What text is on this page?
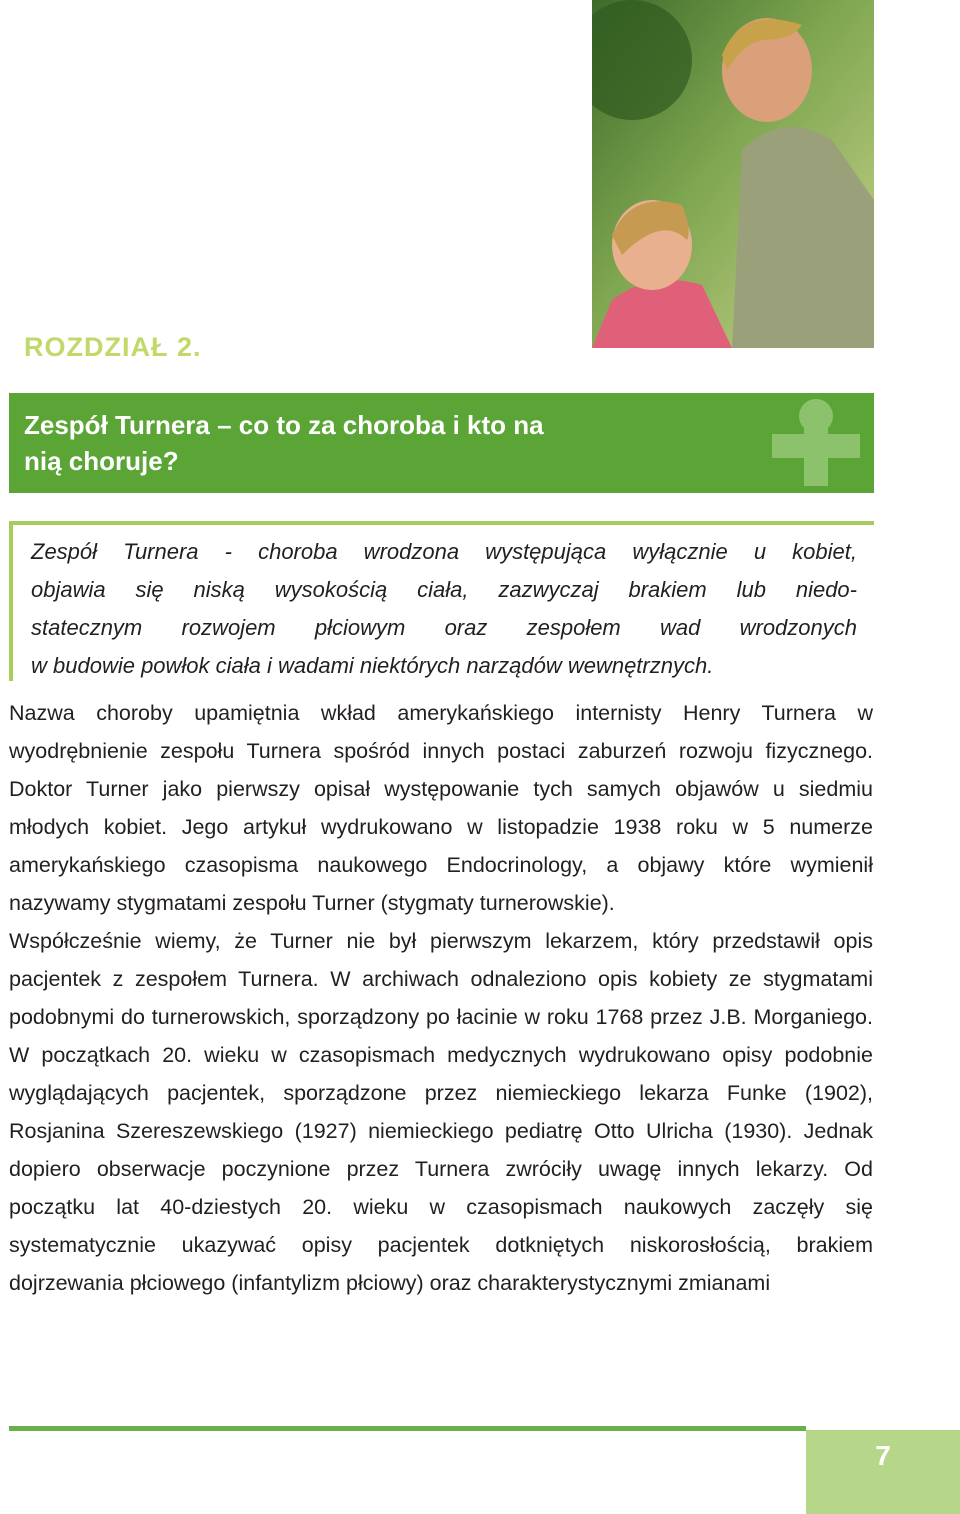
ROZDZIAŁ 2.
Zespół Turnera – co to za choroba i kto na nią choruje?
Zespół Turnera - choroba wrodzona występująca wyłącznie u kobiet,
objawia się niską wysokością ciała, zazwyczaj brakiem lub niedo-
statecznym rozwojem płciowym oraz zespołem wad wrodzonych
w budowie powłok ciała i wadami niektórych narządów wewnętrznych.

Nazwa choroby upamiętnia wkład amerykańskiego internisty Henry Turnera w wyodrębnienie zespołu Turnera spośród innych postaci zaburzeń rozwoju fizycznego. Doktor Turner jako pierwszy opisał występowanie tych samych objawów u siedmiu młodych kobiet. Jego artykuł wydrukowano w listopadzie 1938 roku w 5 numerze amerykańskiego czasopisma naukowego Endocrinology, a objawy które wymienił nazywamy stygmatami zespołu Turner (stygmaty turnerowskie).

Współcześnie wiemy, że Turner nie był pierwszym lekarzem, który przedstawił opis pacjentek z zespołem Turnera. W archiwach odnaleziono opis kobiety ze stygmatami podobnymi do turnerowskich, sporządzony po łacinie w roku 1768 przez J.B. Morganiego. W początkach 20. wieku w czasopismach medycznych wydrukowano opisy podobnie wyglądających pacjentek, sporządzone przez niemieckiego lekarza Funke (1902), Rosjanina Szereszewskiego (1927) niemieckiego pediatrę Otto Ulricha (1930). Jednak dopiero obserwacje poczynione przez Turnera zwróciły uwagę innych lekarzy. Od początku lat 40-dziestych 20. wieku w czasopismach naukowych zaczęły się systematycznie ukazywać opisy pacjentek dotkniętych niskorosłością, brakiem dojrzewania płciowego (infantylizm płciowy) oraz charakterystycznymi zmianami

7
